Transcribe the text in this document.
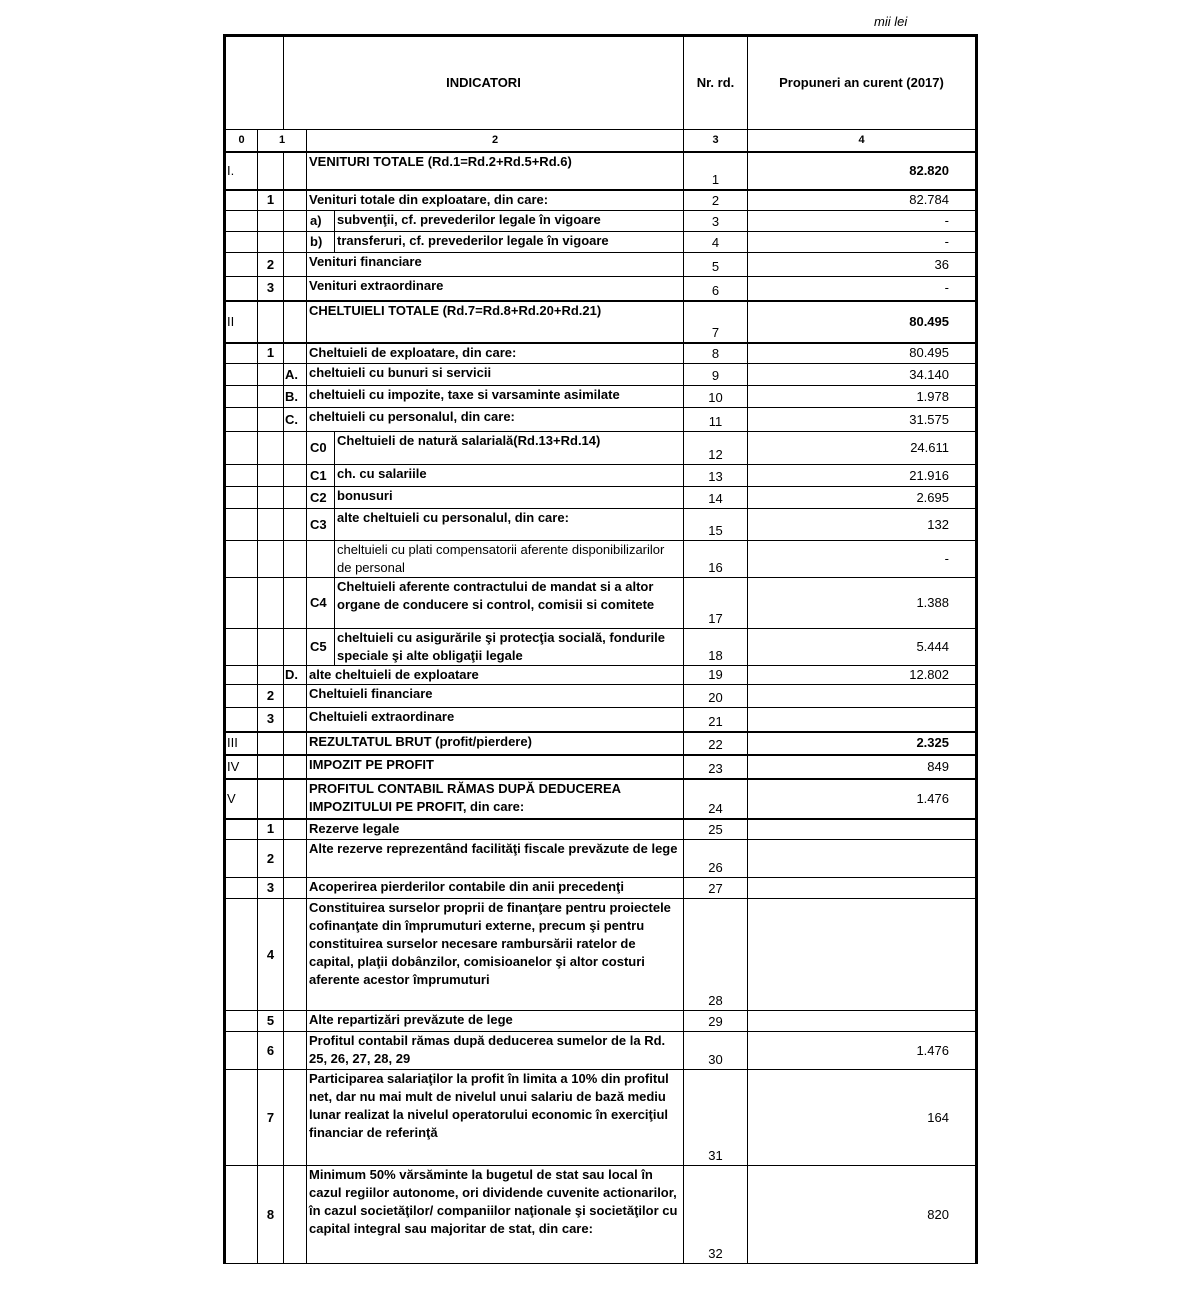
mii lei
		INDICATORI			Nr. rd.	Propuneri an curent (2017)
0	1		2		3	4
I.			VENITURI TOTALE (Rd.1=Rd.2+Rd.5+Rd.6)		1	82.820
	1		Venituri totale din exploatare, din care:		2	82.784
			a)	subvenţii, cf. prevederilor legale în vigoare	3	-
			b)	transferuri, cf. prevederilor legale în vigoare	4	-
	2		Venituri financiare		5	36
	3		Venituri extraordinare		6	-
II			CHELTUIELI TOTALE (Rd.7=Rd.8+Rd.20+Rd.21)		7	80.495
	1		Cheltuieli de exploatare, din care:		8	80.495
		A.	cheltuieli cu bunuri si servicii		9	34.140
		B.	cheltuieli cu impozite, taxe si varsaminte asimilate		10	1.978
		C.	cheltuieli cu personalul, din care:		11	31.575
			C0	Cheltuieli de natură salarială(Rd.13+Rd.14)	12	24.611
			C1	ch. cu salariile	13	21.916
			C2	bonusuri	14	2.695
			C3	alte cheltuieli cu personalul, din care:	15	132
				cheltuieli cu plati compensatorii aferente disponibilizarilor de personal	16	-
			C4	Cheltuieli aferente contractului de mandat si a altor organe de conducere si control, comisii si comitete	17	1.388
			C5	cheltuieli cu asigurările şi protecţia socială, fondurile speciale şi alte obligaţii legale	18	5.444
		D.	alte cheltuieli de exploatare		19	12.802
	2		Cheltuieli financiare		20	
	3		Cheltuieli extraordinare		21	
III			REZULTATUL BRUT (profit/pierdere)		22	2.325
IV			IMPOZIT PE PROFIT		23	849
V			PROFITUL CONTABIL RĂMAS DUPĂ DEDUCEREA IMPOZITULUI PE PROFIT, din care:		24	1.476
	1		Rezerve legale		25	
	2		Alte rezerve reprezentând facilităţi fiscale prevăzute de lege		26	
	3		Acoperirea pierderilor contabile din anii precedenţi		27	
	4		Constituirea surselor proprii de finanţare pentru proiectele cofinanţate din împrumuturi externe, precum şi pentru constituirea surselor necesare rambursării ratelor de capital, plaţii dobânzilor, comisioanelor şi altor costuri aferente acestor împrumuturi		28	
	5		Alte repartizări prevăzute de lege		29	
	6		Profitul contabil rămas după deducerea sumelor de la Rd. 25, 26, 27, 28, 29		30	1.476
	7		Participarea salariaţilor la profit în limita a 10% din profitul net, dar nu mai mult de nivelul unui salariu de bază mediu lunar realizat la nivelul operatorului economic în exerciţiul financiar de referinţă		31	164
	8		Minimum 50% vărsăminte la bugetul de stat sau local în cazul regiilor autonome, ori dividende cuvenite actionarilor, în cazul societăţilor/ companiilor naţionale şi societăţilor cu capital integral sau majoritar de stat, din care:		32	820
